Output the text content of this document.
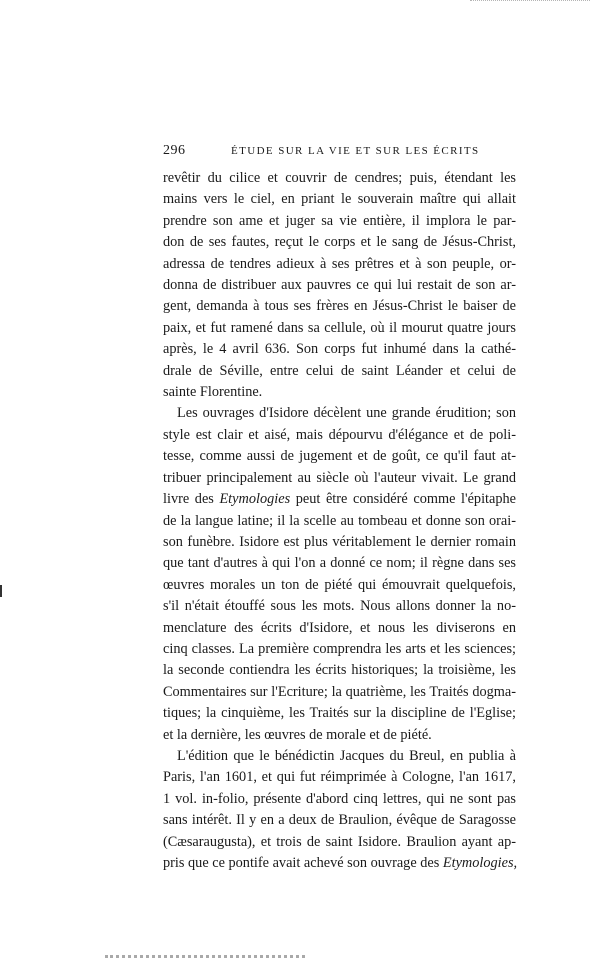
296	ÉTUDE SUR LA VIE ET SUR LES ÉCRITS

revêtir du cilice et couvrir de cendres; puis, étendant les

mains vers le ciel, en priant le souverain maître qui allait

prendre son ame et juger sa vie entière, il implora le par-

don de ses fautes, reçut le corps et le sang de Jésus-Christ,

adressa de tendres adieux à ses prêtres et à son peuple, or-

donna de distribuer aux pauvres ce qui lui restait de son ar-

gent, demanda à tous ses frères en Jésus-Christ le baiser de

paix, et fut ramené dans sa cellule, où il mourut quatre jours

après, le 4 avril 636. Son corps fut inhumé dans la cathé-

drale de Séville, entre celui de saint Léander et celui de

sainte Florentine.

Les ouvrages d'Isidore décèlent une grande érudition; son

style est clair et aisé, mais dépourvu d'élégance et de poli-

tesse, comme aussi de jugement et de goût, ce qu'il faut at-

tribuer principalement au siècle où l'auteur vivait. Le grand

livre des Etymologies peut être considéré comme l'épitaphe

de la langue latine; il la scelle au tombeau et donne son orai-

son funèbre. Isidore est plus véritablement le dernier romain

que tant d'autres à qui l'on a donné ce nom; il règne dans ses

œuvres morales un ton de piété qui émouvrait quelquefois,

s'il n'était étouffé sous les mots. Nous allons donner la no-

menclature des écrits d'Isidore, et nous les diviserons en

cinq classes. La première comprendra les arts et les sciences;

la seconde contiendra les écrits historiques; la troisième, les

Commentaires sur l'Ecriture; la quatrième, les Traités dogma-

tiques; la cinquième, les Traités sur la discipline de l'Eglise;

et la dernière, les œuvres de morale et de piété.

L'édition que le bénédictin Jacques du Breul, en publia à

Paris, l'an 1601, et qui fut réimprimée à Cologne, l'an 1617,

1 vol. in-folio, présente d'abord cinq lettres, qui ne sont pas

sans intérêt. Il y en a deux de Braulion, évêque de Saragosse

(Cæsaraugusta), et trois de saint Isidore. Braulion ayant ap-

pris que ce pontife avait achevé son ouvrage des Etymologies,
